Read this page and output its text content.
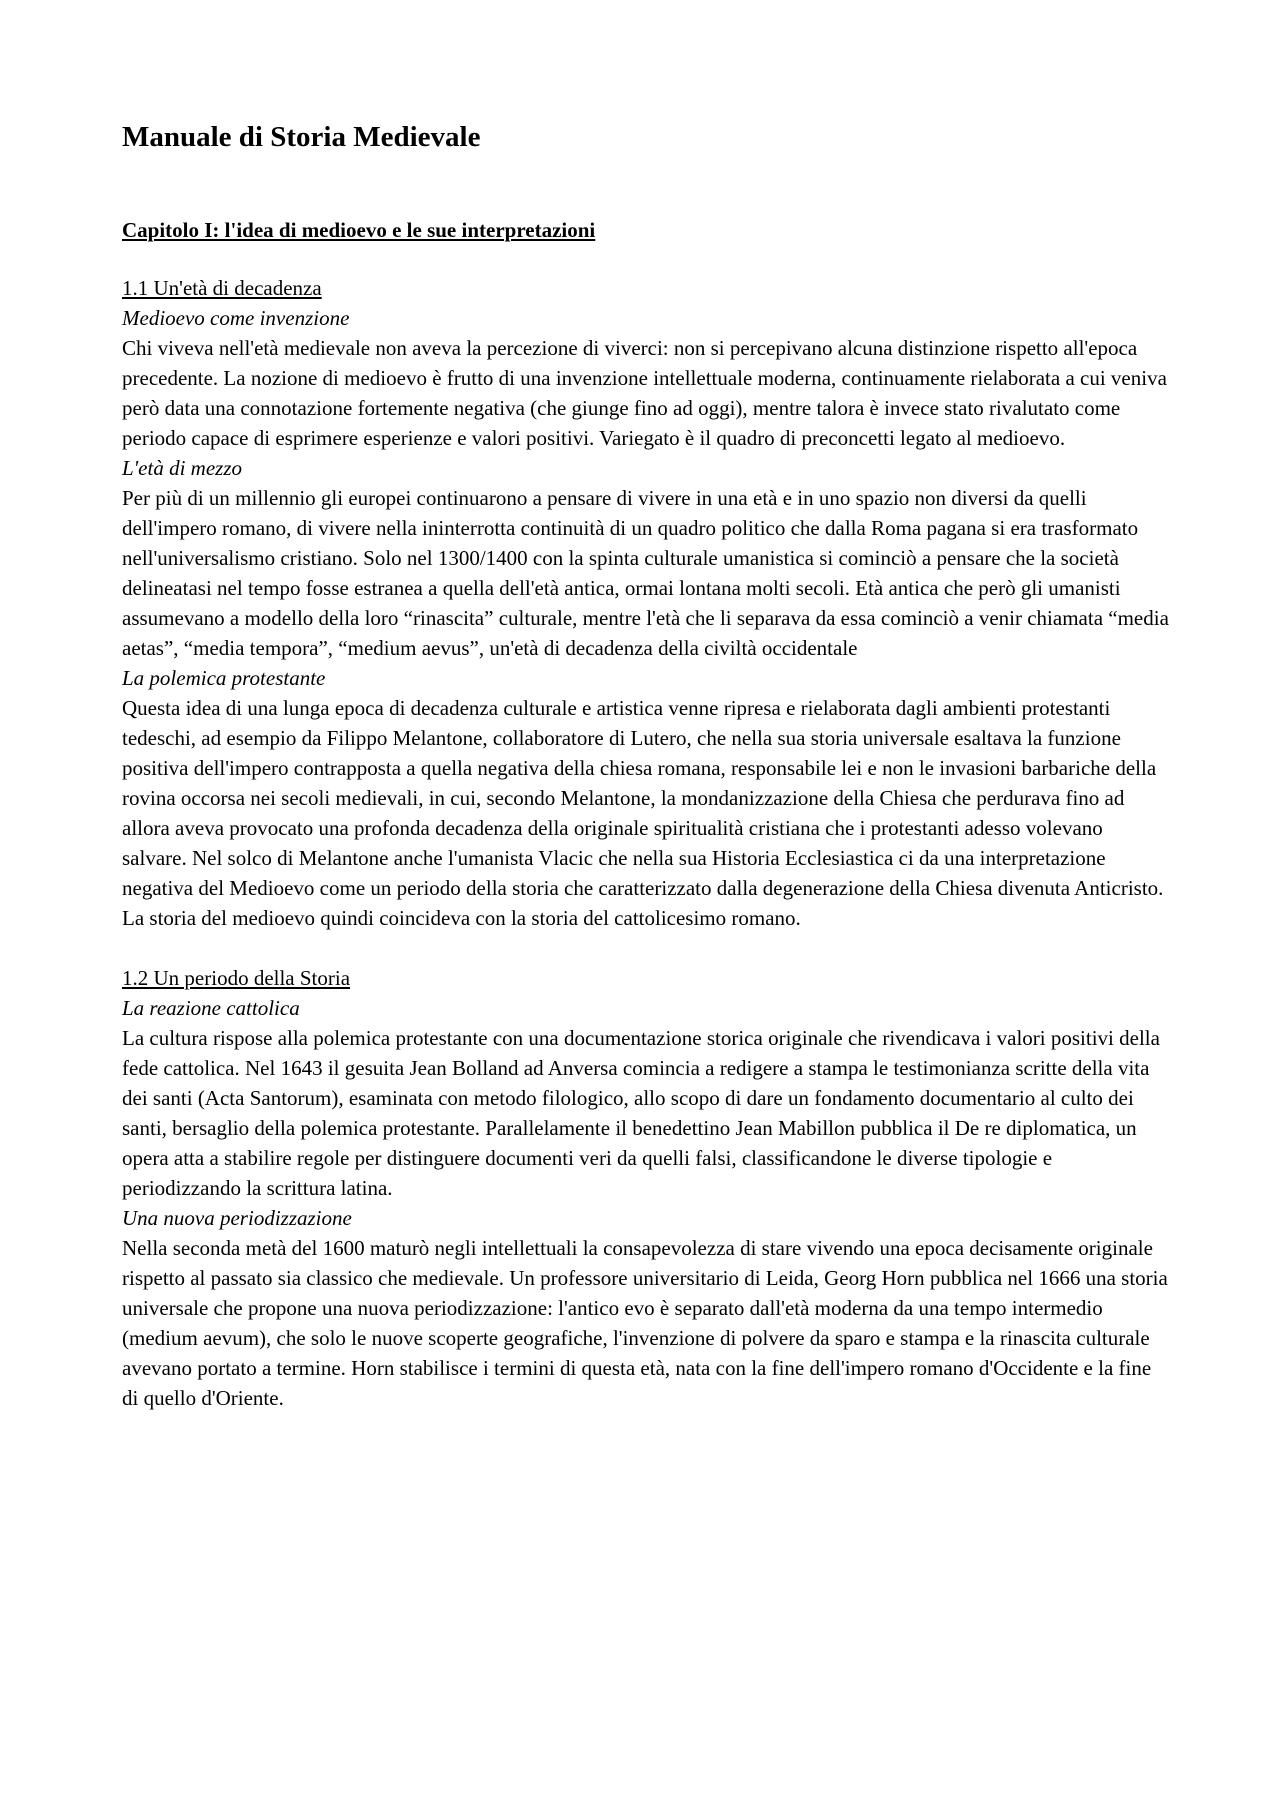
Manuale di Storia Medievale
Capitolo I: l'idea di medioevo e le sue interpretazioni
1.1 Un'età di decadenza
Medioevo come invenzione

Chi viveva nell'età medievale non aveva la percezione di viverci: non si percepivano alcuna distinzione rispetto all'epoca precedente. La nozione di medioevo è frutto di una invenzione intellettuale moderna, continuamente rielaborata a cui veniva però data una connotazione fortemente negativa (che giunge fino ad oggi), mentre talora è invece stato rivalutato come periodo capace di esprimere esperienze e valori positivi. Variegato è il quadro di preconcetti legato al medioevo.

L'età di mezzo

Per più di un millennio gli europei continuarono a pensare di vivere in una età e in uno spazio non diversi da quelli dell'impero romano, di vivere nella ininterrotta continuità di un quadro politico che dalla Roma pagana si era trasformato nell'universalismo cristiano. Solo nel 1300/1400 con la spinta culturale umanistica si cominciò a pensare che la società delineatasi nel tempo fosse estranea a quella dell'età antica, ormai lontana molti secoli. Età antica che però gli umanisti assumevano a modello della loro “rinascita” culturale, mentre l'età che li separava da essa cominciò a venir chiamata “media aetas”, “media tempora”, “medium aevus”, un'età di decadenza della civiltà occidentale

La polemica protestante

Questa idea di una lunga epoca di decadenza culturale e artistica venne ripresa e rielaborata dagli ambienti protestanti tedeschi, ad esempio da Filippo Melantone, collaboratore di Lutero, che nella sua storia universale esaltava la funzione positiva dell'impero contrapposta a quella negativa della chiesa romana, responsabile lei e non le invasioni barbariche della rovina occorsa nei secoli medievali, in cui, secondo Melantone, la mondanizzazione della Chiesa che perdurava fino ad allora aveva provocato una profonda decadenza della originale spiritualità cristiana che i protestanti adesso volevano salvare. Nel solco di Melantone anche l'umanista Vlacic che nella sua Historia Ecclesiastica ci da una interpretazione negativa del Medioevo come un periodo della storia che caratterizzato dalla degenerazione della Chiesa divenuta Anticristo. La storia del medioevo quindi coincideva con la storia del cattolicesimo romano.

1.2 Un periodo della Storia
La reazione cattolica

La cultura rispose alla polemica protestante con una documentazione storica originale che rivendicava i valori positivi della fede cattolica. Nel 1643 il gesuita Jean Bolland ad Anversa comincia a redigere a stampa le testimonianza scritte della vita dei santi (Acta Santorum), esaminata con metodo filologico, allo scopo di dare un fondamento documentario al culto dei santi, bersaglio della polemica protestante. Parallelamente il benedettino Jean Mabillon pubblica il De re diplomatica, un opera atta a stabilire regole per distinguere documenti veri da quelli falsi, classificandone le diverse tipologie e periodizzando la scrittura latina.

Una nuova periodizzazione

Nella seconda metà del 1600 maturò negli intellettuali la consapevolezza di stare vivendo una epoca decisamente originale rispetto al passato sia classico che medievale. Un professore universitario di Leida, Georg Horn pubblica nel 1666 una storia universale che propone una nuova periodizzazione: l'antico evo è separato dall'età moderna da una tempo intermedio (medium aevum), che solo le nuove scoperte geografiche, l'invenzione di polvere da sparo e stampa e la rinascita culturale avevano portato a termine. Horn stabilisce i termini di questa età, nata con la fine dell'impero romano d'Occidente e la fine di quello d'Oriente.
